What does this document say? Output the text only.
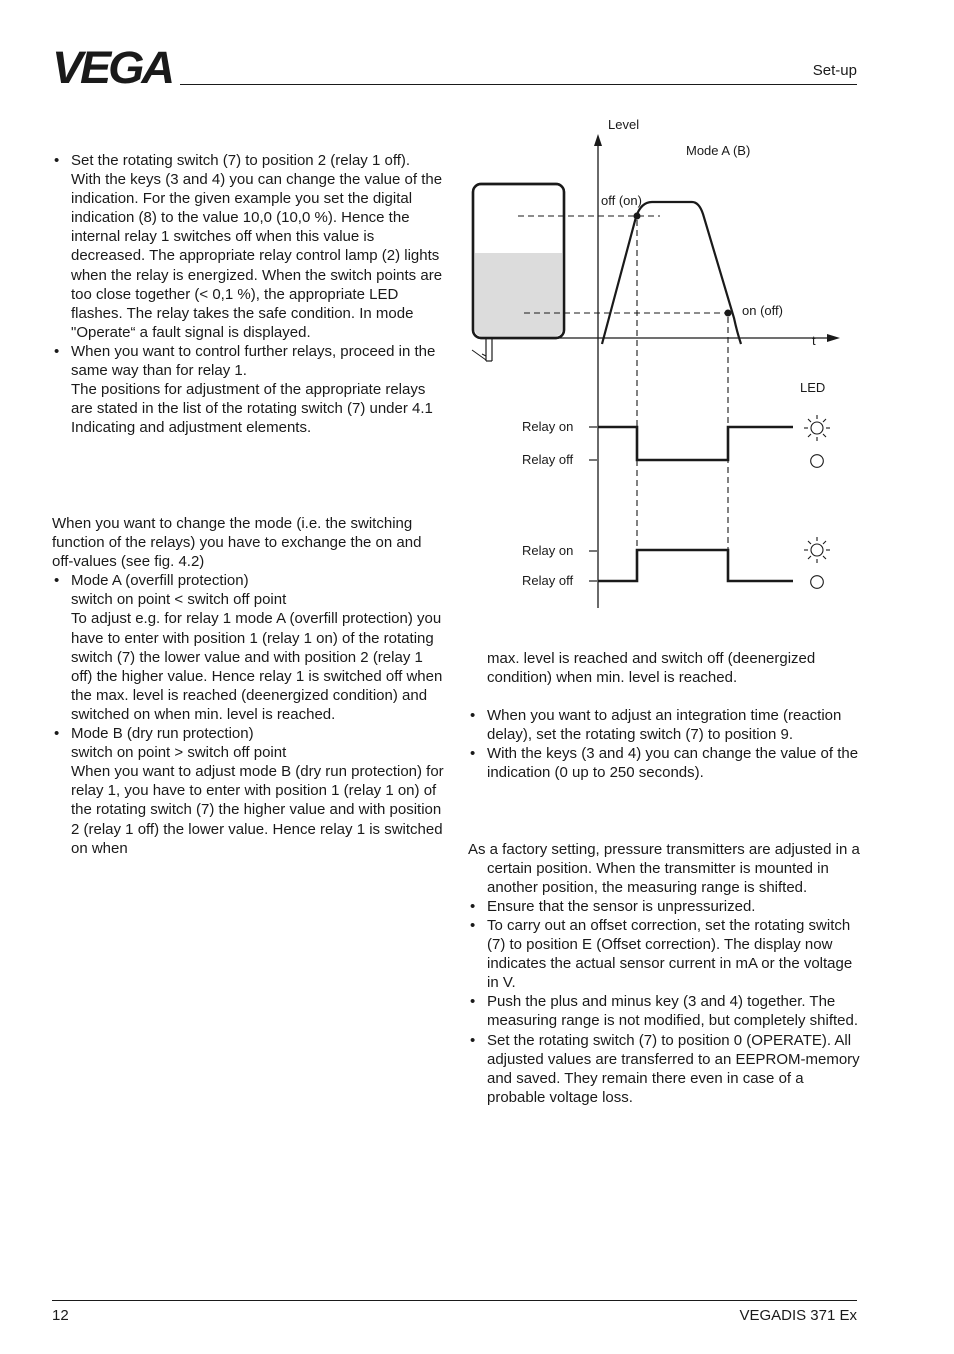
VEGA	Set-up
• Set the rotating switch (7) to position 2 (relay 1 off). With the keys (3 and 4) you can change the value of the indication. For the given example you set the digital indication (8) to the value 10,0 (10,0 %). Hence the internal relay 1 switches off when this value is decreased. The appropriate relay control lamp (2) lights when the relay is energized. When the switch points are too close together (< 0,1 %), the appropriate LED flashes. The relay takes the safe condition. In mode "Operate“ a fault signal is displayed.
• When you want to control further relays, proceed in the same way than for relay 1.
The positions for adjustment of the appropriate relays are stated in the list of the rotating switch (7) under 4.1 Indicating and adjustment elements.

When you want to change the mode (i.e. the switching function of the relays) you have to exchange the on and off-values (see fig. 4.2)

• Mode A (overfill protection)
switch on point < switch off point
To adjust e.g. for relay 1 mode A (overfill protection) you have to enter with position 1 (relay 1 on) of the rotating switch (7) the lower value and with position 2 (relay 1 off) the higher value. Hence relay 1 is switched off when the max. level is reached (deenergized condition) and switched on when min. level is reached.
• Mode B (dry run protection)
switch on point > switch off point
When you want to adjust mode B (dry run protection) for relay 1, you have to enter with position 1 (relay 1 on) of the rotating switch (7) the higher value and with position 2 (relay 1 off) the lower value. Hence relay 1 is switched on when
Level
t
Mode A (B)
off (on)
on (off)
LED
Relay on
Relay off
Relay on
Relay off

max. level is reached and switch off (deenergized condition) when min. level is reached.

• When you want to adjust an integration time (reaction delay), set the rotating switch (7) to position 9.
• With the keys (3 and 4) you can change the value of the indication (0 up to 250 seconds).

As a factory setting, pressure transmitters are adjusted in a certain position. When the transmitter is mounted in another position, the measuring range is shifted.

• Ensure that the sensor is unpressurized.
• To carry out an offset correction, set the rotating switch (7) to position E (Offset correction). The display now indicates the actual sensor current in mA or the voltage in V.
• Push the plus and minus key (3 and 4) together. The measuring range is not modified, but completely shifted.
• Set the rotating switch (7) to position 0 (OPERATE). All adjusted values are transferred to an EEPROM-memory and saved. They remain there even in case of a probable voltage loss.
12	VEGADIS 371 Ex
